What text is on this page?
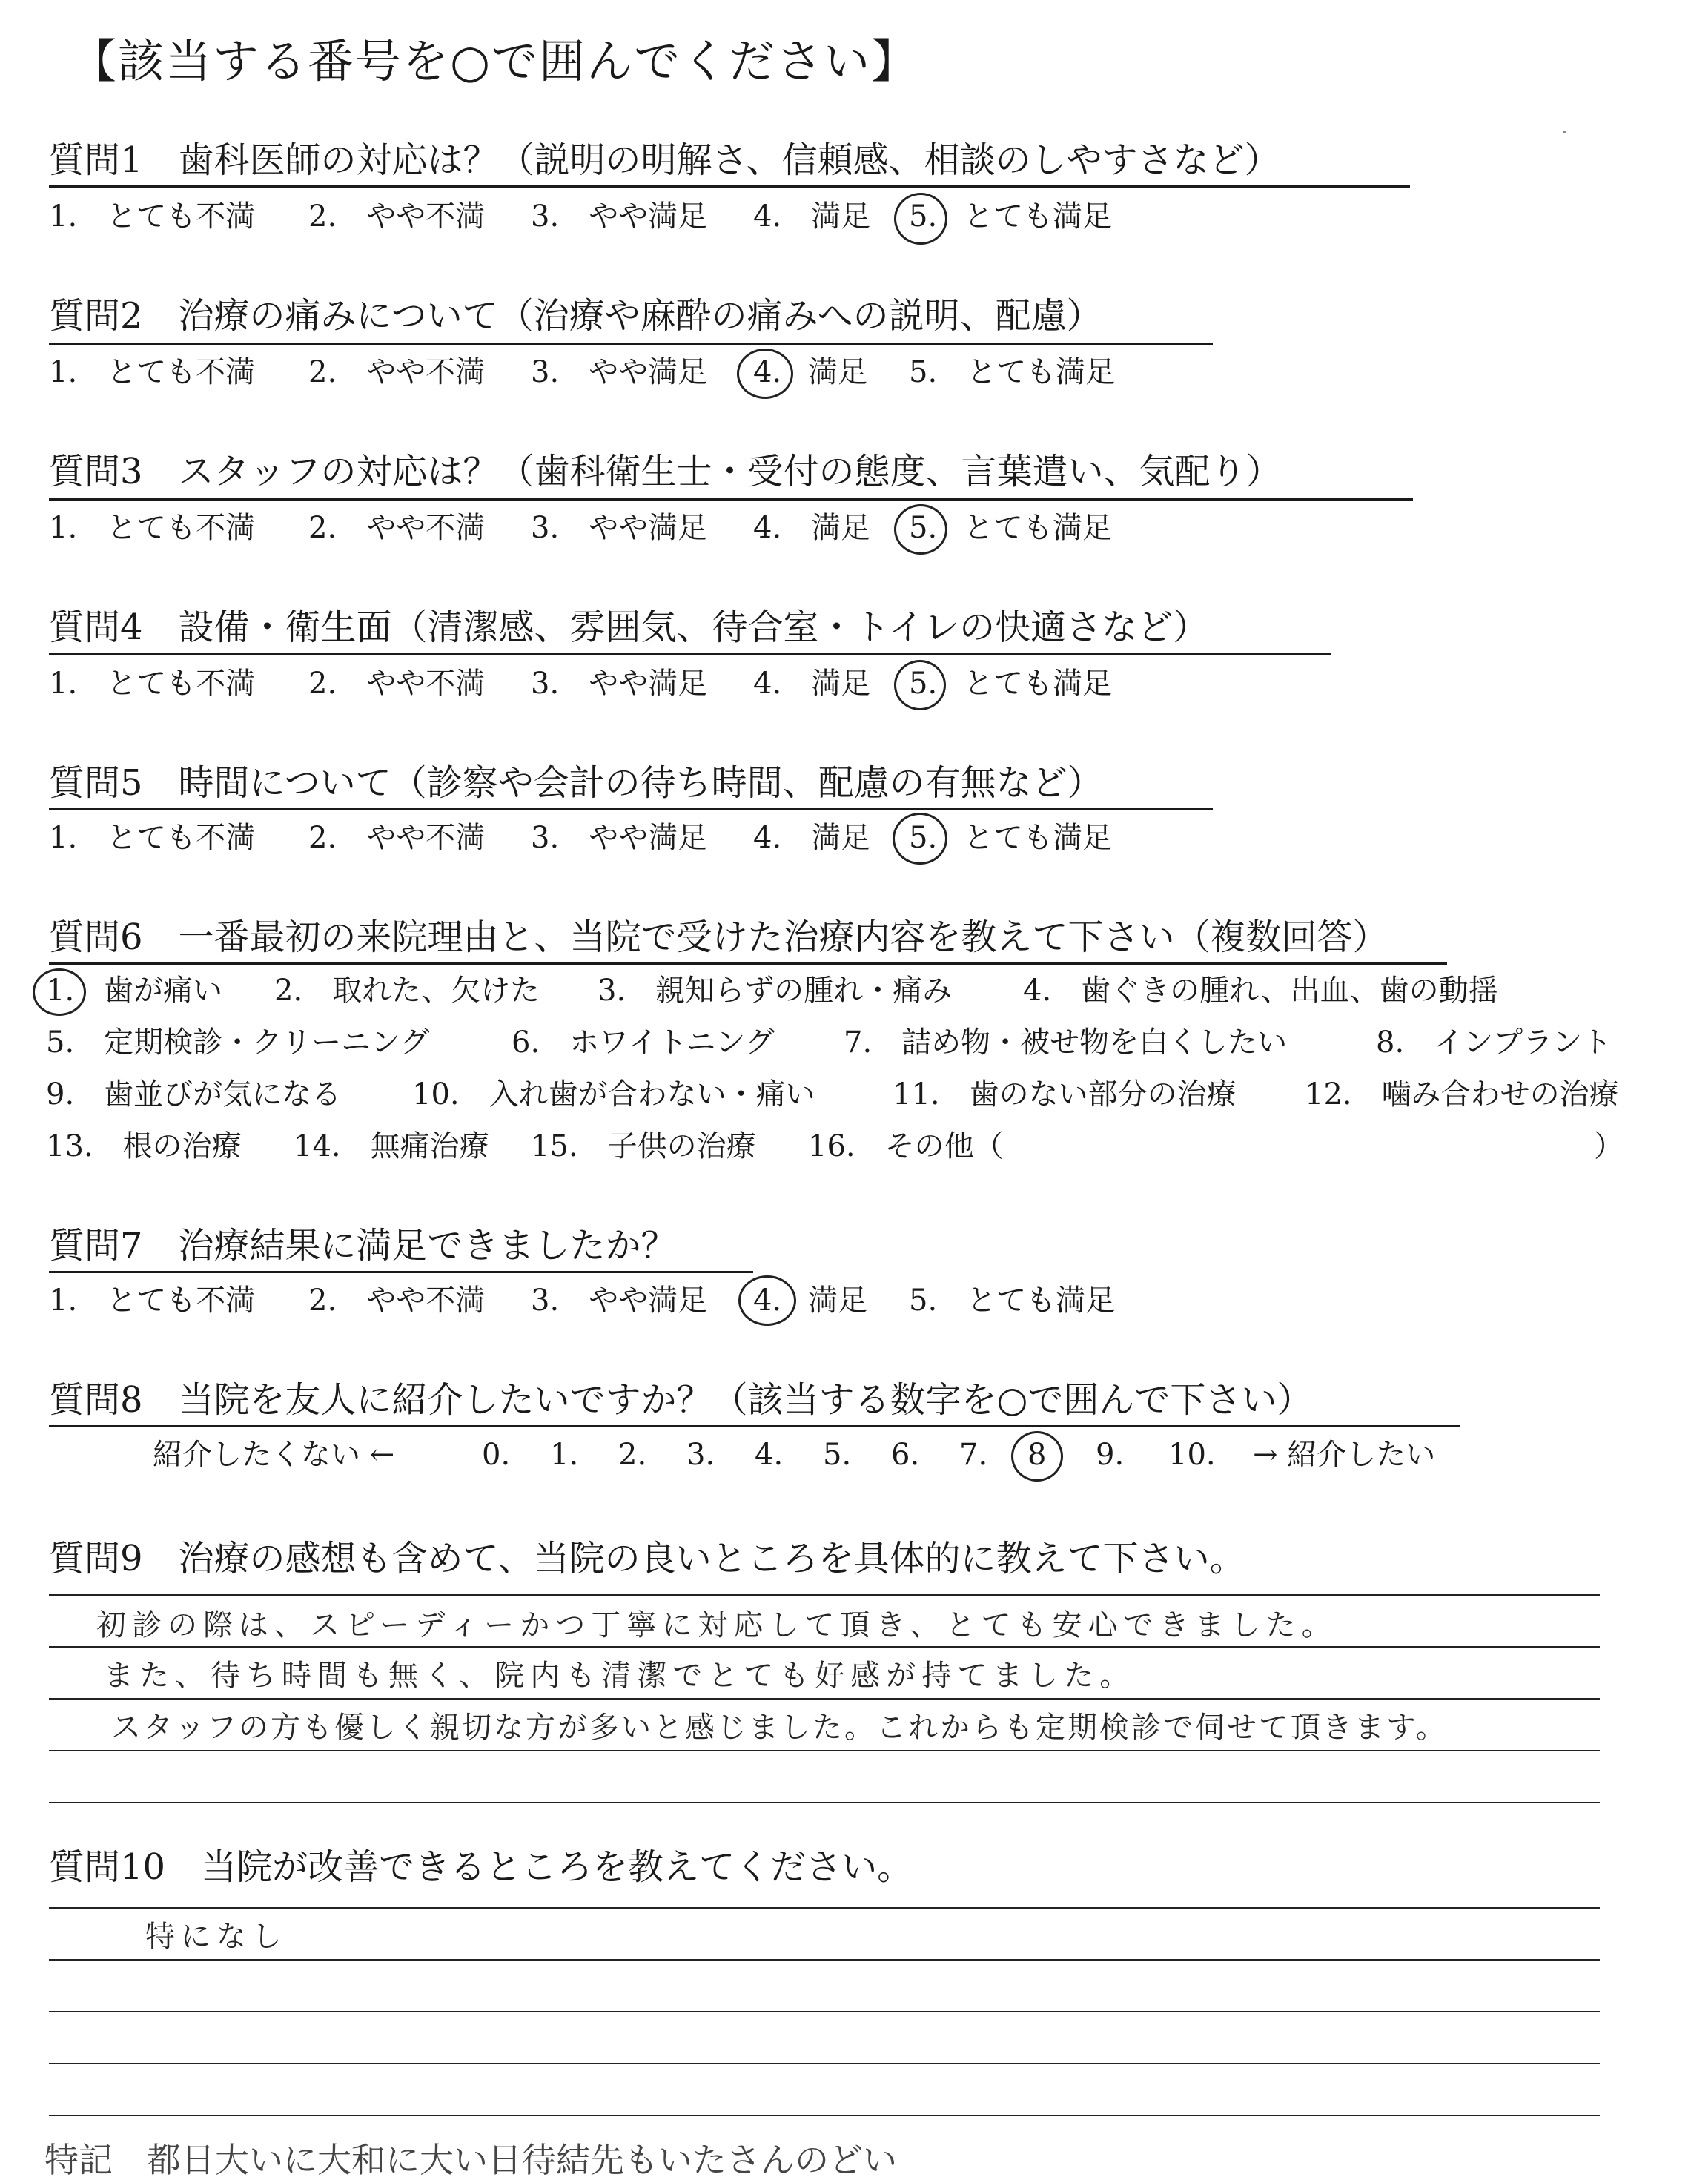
【該当する番号を○で囲んでください】
質問1　歯科医師の対応は？（説明の明解さ、信頼感、相談のしやすさなど）
1.　とても不満 2.　やや不満 3.　やや満足 4.　満足 5. とても満足
質問2　治療の痛みについて（治療や麻酔の痛みへの説明、配慮）
1.　とても不満 2.　やや不満 3.　やや満足 4. 満足 5.　とても満足
質問3　スタッフの対応は？（歯科衛生士・受付の態度、言葉遣い、気配り）
1.　とても不満 2.　やや不満 3.　やや満足 4.　満足 5. とても満足
質問4　設備・衛生面（清潔感、雰囲気、待合室・トイレの快適さなど）
1.　とても不満 2.　やや不満 3.　やや満足 4.　満足 5. とても満足
質問5　時間について（診察や会計の待ち時間、配慮の有無など）
1.　とても不満 2.　やや不満 3.　やや満足 4.　満足 5. とても満足
質問6　一番最初の来院理由と、当院で受けた治療内容を教えて下さい（複数回答）
1. 歯が痛い 2.　取れた、欠けた 3.　親知らずの腫れ・痛み 4.　歯ぐきの腫れ、出血、歯の動揺
5.　定期検診・クリーニング	6.　ホワイトニング 7.　詰め物・被せ物を白くしたい	8.　インプラント
9.　歯並びが気になる 10.　入れ歯が合わない・痛い	11.　歯のない部分の治療 12.　噛み合わせの治療
13.　根の治療 14.　無痛治療 15.　子供の治療 16.　その他（	）
質問7　治療結果に満足できましたか？
1.　とても不満 2.　やや不満 3.　やや満足 4. 満足 5.　とても満足
質問8　当院を友人に紹介したいですか？（該当する数字を○で囲んで下さい）
紹介したくない ←	0. 1. 2. 3. 4. 5. 6. 7. 8 9. 10. → 紹介したい
質問9　治療の感想も含めて、当院の良いところを具体的に教えて下さい。
初診の際は、スピーディーかつ丁寧に対応して頂き、とても安心できました。
また、待ち時間も無く、院内も清潔でとても好感が持てました。
スタッフの方も優しく親切な方が多いと感じました。これからも定期検診で伺せて頂きます。
質問10　当院が改善できるところを教えてください。
特になし
特記　都日大いに大和に大い日待結先もいたさんのどい
